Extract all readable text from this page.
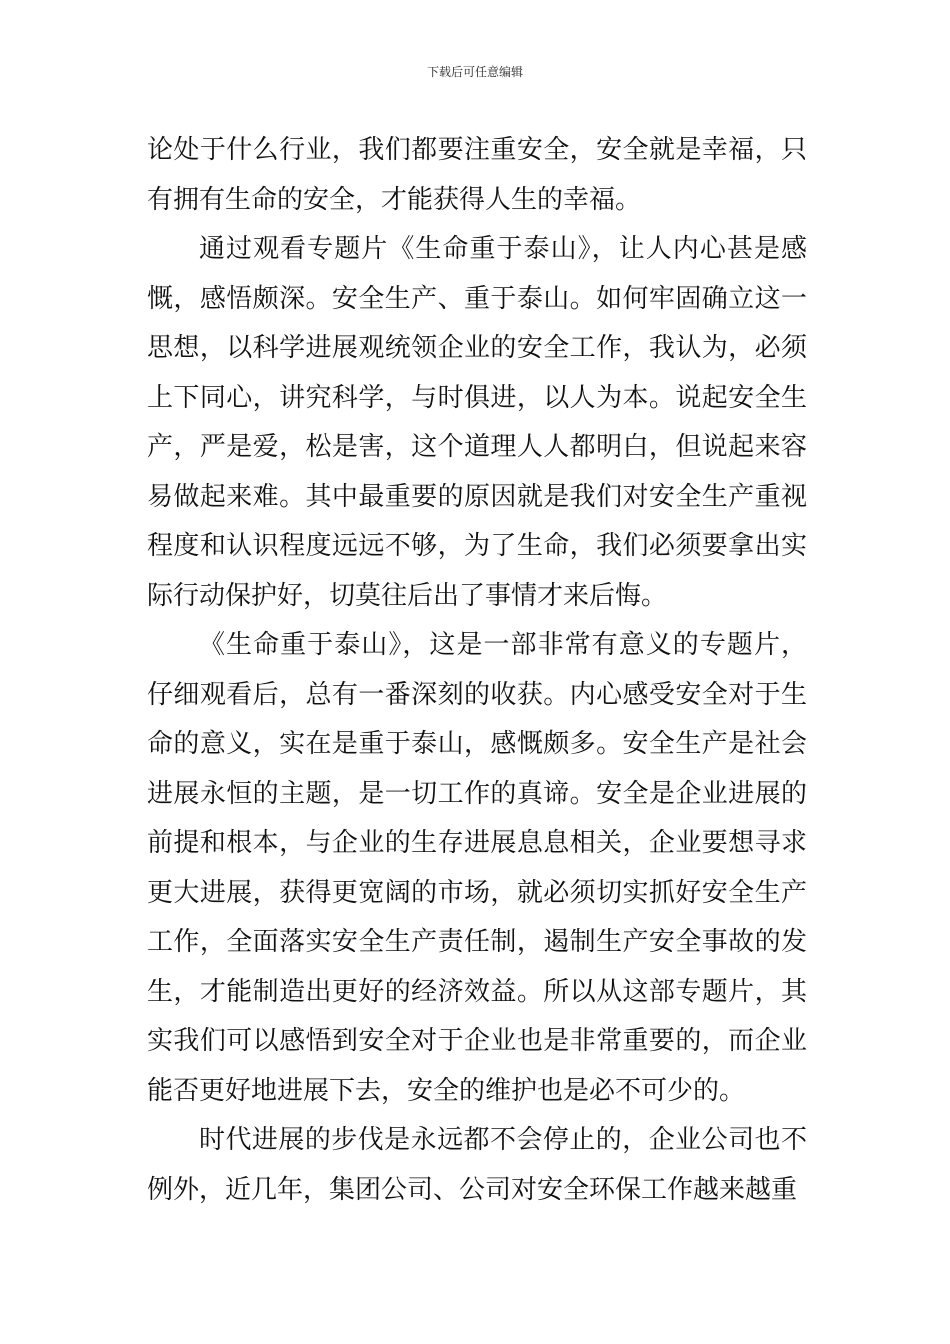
下载后可任意编辑

论处于什么行业，我们都要注重安全，安全就是幸福，只有拥有生命的安全，才能获得人生的幸福。

通过观看专题片《生命重于泰山》，让人内心甚是感慨，感悟颇深。安全生产、重于泰山。如何牢固确立这一思想，以科学进展观统领企业的安全工作，我认为，必须上下同心，讲究科学，与时俱进，以人为本。说起安全生产，严是爱，松是害，这个道理人人都明白，但说起来容易做起来难。其中最重要的原因就是我们对安全生产重视程度和认识程度远远不够，为了生命，我们必须要拿出实际行动保护好，切莫往后出了事情才来后悔。

《生命重于泰山》，这是一部非常有意义的专题片，仔细观看后，总有一番深刻的收获。内心感受安全对于生命的意义，实在是重于泰山，感慨颇多。安全生产是社会进展永恒的主题，是一切工作的真谛。安全是企业进展的前提和根本，与企业的生存进展息息相关，企业要想寻求更大进展，获得更宽阔的市场，就必须切实抓好安全生产工作，全面落实安全生产责任制，遏制生产安全事故的发生，才能制造出更好的经济效益。所以从这部专题片，其实我们可以感悟到安全对于企业也是非常重要的，而企业能否更好地进展下去，安全的维护也是必不可少的。

时代进展的步伐是永远都不会停止的，企业公司也不例外，近几年，集团公司、公司对安全环保工作越来越重
